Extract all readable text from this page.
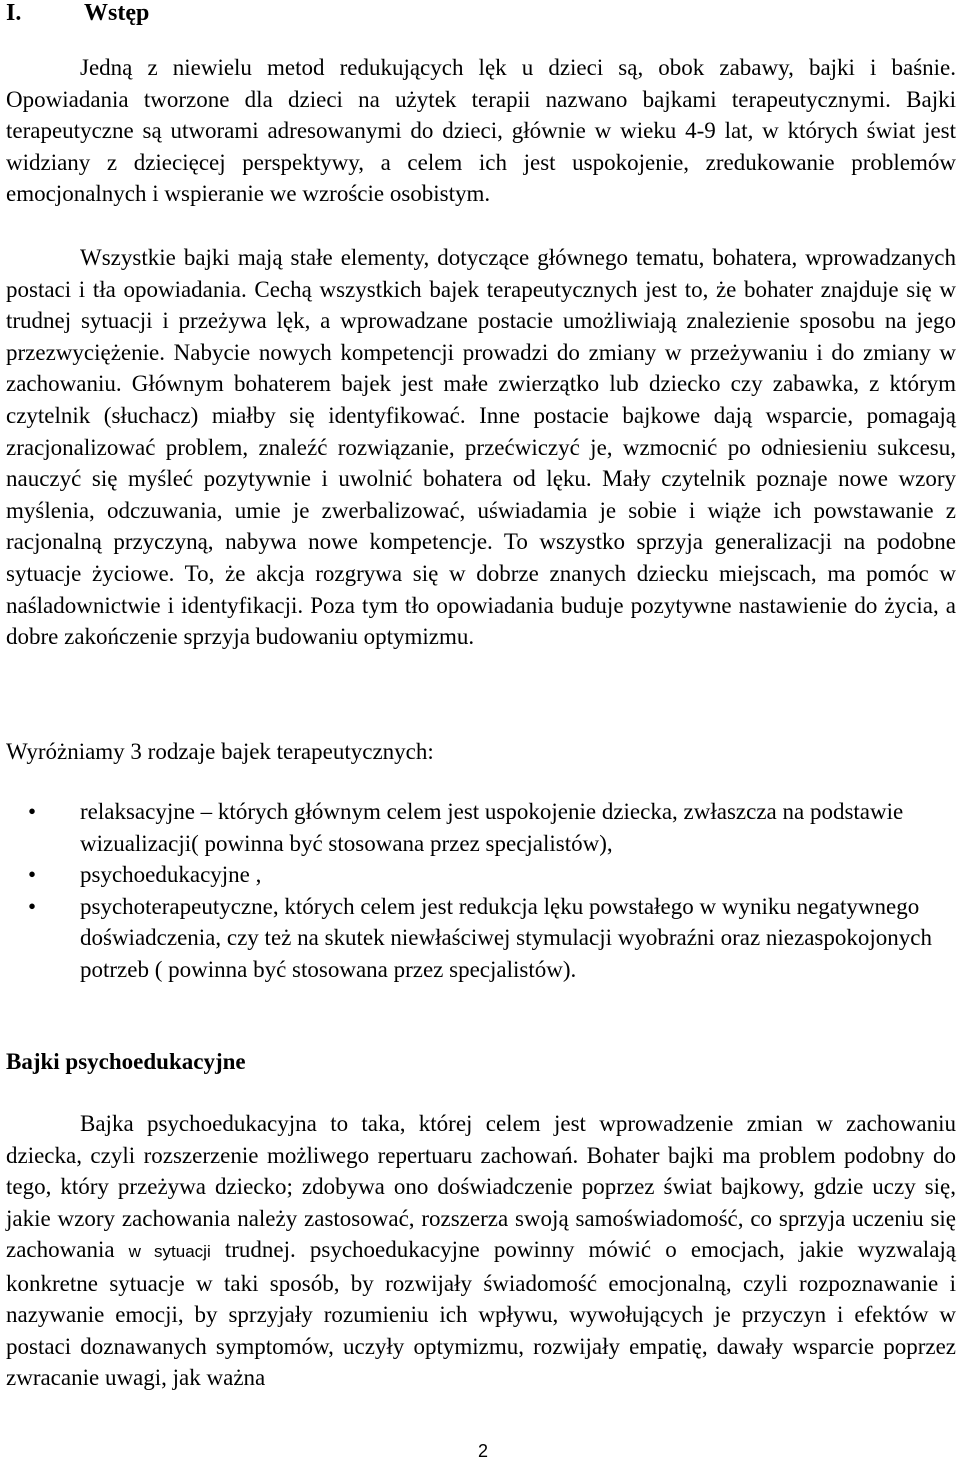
I.	Wstęp

Jedną z niewielu metod redukujących lęk u dzieci są, obok zabawy, bajki i baśnie. Opowiadania tworzone dla dzieci na użytek terapii nazwano bajkami terapeutycznymi. Bajki terapeutyczne są utworami adresowanymi do dzieci, głównie w wieku 4-9 lat, w których świat jest widziany z dziecięcej perspektywy, a celem ich jest uspokojenie, zredukowanie problemów emocjonalnych i wspieranie we wzroście osobistym.

Wszystkie bajki mają stałe elementy, dotyczące głównego tematu, bohatera, wprowadzanych postaci i tła opowiadania. Cechą wszystkich bajek terapeutycznych jest to, że bohater znajduje się w trudnej sytuacji i przeżywa lęk, a wprowadzane postacie umożliwiają znalezienie sposobu na jego przezwyciężenie. Nabycie nowych kompetencji prowadzi do zmiany w przeżywaniu i do zmiany w zachowaniu. Głównym bohaterem bajek jest małe zwierzątko lub dziecko czy zabawka, z którym czytelnik (słuchacz) miałby się identyfikować. Inne postacie bajkowe dają wsparcie, pomagają zracjonalizować problem, znaleźć rozwiązanie, przećwiczyć je, wzmocnić po odniesieniu sukcesu, nauczyć się myśleć pozytywnie i uwolnić bohatera od lęku. Mały czytelnik poznaje nowe wzory myślenia, odczuwania, umie je zwerbalizować, uświadamia je sobie i wiąże ich powstawanie z racjonalną przyczyną, nabywa nowe kompetencje. To wszystko sprzyja generalizacji na podobne sytuacje życiowe. To, że akcja rozgrywa się w dobrze znanych dziecku miejscach, ma pomóc w naśladownictwie i identyfikacji. Poza tym tło opowiadania buduje pozytywne nastawienie do życia, a dobre zakończenie sprzyja budowaniu optymizmu.

Wyróżniamy 3 rodzaje bajek terapeutycznych:

• relaksacyjne – których głównym celem jest uspokojenie dziecka, zwłaszcza na podstawie wizualizacji( powinna być stosowana przez specjalistów),
• psychoedukacyjne ,
• psychoterapeutyczne, których celem jest redukcja lęku powstałego w wyniku negatywnego doświadczenia, czy też na skutek niewłaściwej stymulacji wyobraźni oraz niezaspokojonych potrzeb ( powinna być stosowana przez specjalistów).
Bajki psychoedukacyjne

Bajka psychoedukacyjna to taka, której celem jest wprowadzenie zmian w zachowaniu dziecka, czyli rozszerzenie możliwego repertuaru zachowań. Bohater bajki ma problem podobny do tego, który przeżywa dziecko; zdobywa ono doświadczenie poprzez świat bajkowy, gdzie uczy się, jakie wzory zachowania należy zastosować, rozszerza swoją samoświadomość, co sprzyja uczeniu się zachowania w sytuacji trudnej. psychoedukacyjne powinny mówić o emocjach, jakie wyzwalają konkretne sytuacje w taki sposób, by rozwijały świadomość emocjonalną, czyli rozpoznawanie i nazywanie emocji, by sprzyjały rozumieniu ich wpływu, wywołujących je przyczyn i efektów w postaci doznawanych symptomów, uczyły optymizmu, rozwijały empatię, dawały wsparcie poprzez zwracanie uwagi, jak ważna

2
